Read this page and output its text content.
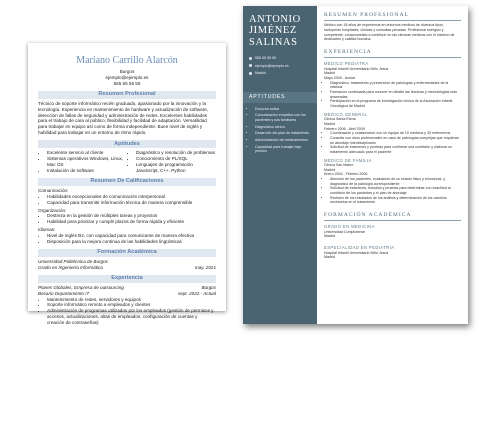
Mariano Carrillo Alarcón
Burgos
ejemplo@ejemplo.es
555 55 55 55
Resumen Profesional

Técnico de soporte informático recién graduado, apasionado por la innovación y la tecnología. Experiencia en mantenimiento de hardware y actualización de software, detección de fallas de seguridad y administración de redes. Excelentes habilidades para el trabajo de cara al público, flexibilidad y facilidad de adaptación. Versatilidad para trabajar en equipo así como de forma independiente. Buen nivel de inglés y habilidad para trabajar en un entorno de ritmo rápido.

Aptitudes
• Excelente servicio al cliente
• Sistemas operativos Windows, Linux, Mac OS
• Instalación de software
• Diagnóstico y resolución de problemas
• Conocimiento de PL/SQL
• Lenguajes de programación JavaScript, C++, Python
Resumen De Calificaciones
Comunicación:
• Habilidades excepcionales de comunicación interpersonal
• Capacidad para transmitir información técnica de manera comprensible
Organización:
• Destreza en la gestión de múltiples tareas y proyectos
• Habilidad para priorizar y cumplir plazos de forma rápida y eficiente
Idiomas:
• Nivel de inglés B2, con capacidad para comunicarse de manera efectiva
• Disposición para la mejora continua de las habilidades lingüísticas
Formación Académica
Universidad Politécnica de Burgos
Grado en Ingeniería Informática	may. 2021
Experiencia
Planes Globales, Empresa de outsourcing	Burgos
Becario Departamento IT	sept. 2022 - Actual
• Mantenimiento de redes, servidores y equipos
• Soporte informático remoto a empleados y clientes
• Administración de programas utilizados por los empleados (gestión de permisos y accesos, actualizaciones, altas de empleados, configuración de cuentas y creación de contraseñas)
ANTONIO JIMÉNEZ SALINAS
555 55 55 55
ejemplo@ejemplo.es
Madrid
APTITUDES
• Escucha activa
• Comunicación empática con los pacientes y sus familiares
• Diagnóstico clínico
• Desarrollo del plan de tratamiento
• Administración de medicamentos
• Capacidad para trabajar bajo presión
RESUMEN PROFESIONAL

Médico con 18 años de experiencia en entornos médicos de diversos tipos, incluyendo hospitales, clínicas y consultas privadas. Profesional enérgico y competente, comprometido a contribuir en las ciencias médicas con el máximo de dedicación y calidad humana.

EXPERIENCIA
MÉDICO PEDIATRA
Hospital Infantil Universitario Niño Jesús
Madrid
Mayo 2009 - Actual
• Diagnóstico, tratamiento y prevención de patologías y enfermedades de la infancia
• Formación continuada para conocer en detalle las técnicas y metodologías más avanzadas
• Participación en el programa de investigación clínica de la Asociación Infantil Oncológica de Madrid
MÉDICO GENERAL
Clínica Santa Elena
Madrid
Febrero 2006 - Abril 2009
• Coordinación y colaboración con un equipo de 15 médicos y 30 enfermeros
• Consulta con otros profesionales en caso de patologías complejas que requieran un abordaje interdisciplinario
• Solicitud de exámenes y pruebas para confirmar una condición y elaborar un tratamiento adecuado para el paciente
MÉDICO DE FAMILIA
Clínica San Mateo
Madrid
Enero 2004 - Febrero 2006
• Atención de los pacientes, evaluación de su estado físico y emocional, y diagnóstico de la patología correspondiente
• Solicitud de exámenes, estudios y pruebas para determinar con exactitud la condición de los pacientes y el plan de abordaje
• Revisión de los resultados de los análisis y determinación de los cambios necesarios en el tratamiento
FORMACIÓN ACADÉMICA
GRADO EN MEDICINA
Universidad Complutense
Madrid
ESPECIALIDAD EN PEDIATRÍA
Hospital Infantil Universitario Niño Jesús
Madrid
